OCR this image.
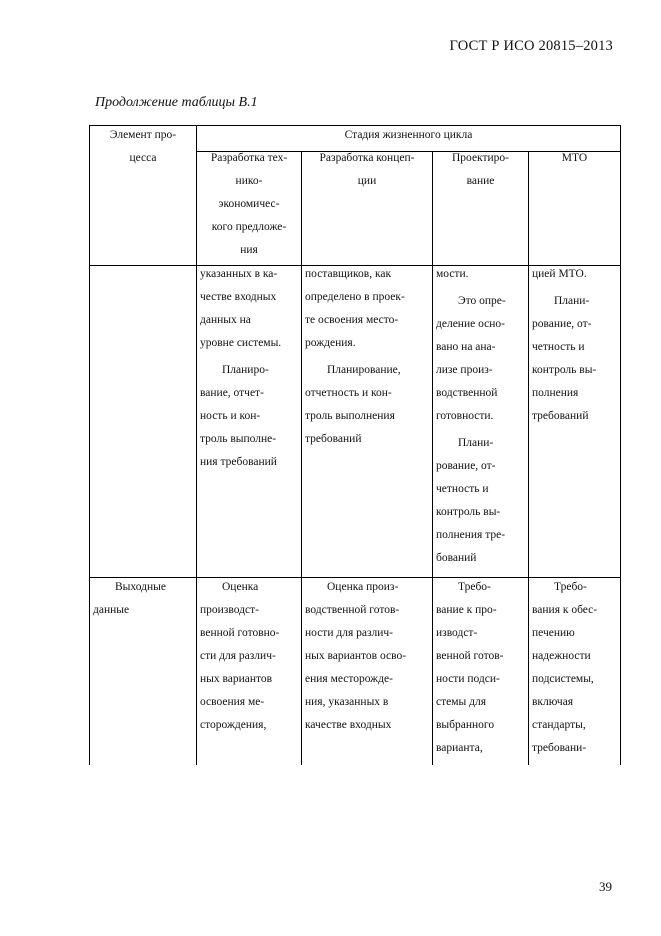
ГОСТ Р ИСО 20815–2013
Продолжение таблицы В.1
Элемент про-
цесса
Стадия жизненного цикла
Разработка тех-
нико-
экономичес-
кого предложе-
ния
Разработка концеп-
ции
Проектиро-
вание
МТО
указанных в ка-
честве входных
данных на
уровне системы.
Планиро-
вание, отчет-
ность и кон-
троль выполне-
ния требований
поставщиков, как
определено в проек-
те освоения место-
рождения.
Планирование,
отчетность и кон-
троль выполнения
требований
мости.
Это опре-
деление осно-
вано на ана-
лизе произ-
водственной
готовности.
Плани-
рование, от-
четность и
контроль вы-
полнения тре-
бований
цией МТО.
Плани-
рование, от-
четность и
контроль вы-
полнения
требований
Выходные
данные
Оценка
производст-
венной готовно-
сти для различ-
ных вариантов
освоения ме-
сторождения,
Оценка произ-
водственной готов-
ности для различ-
ных вариантов осво-
ения месторожде-
ния, указанных в
качестве входных
Требо-
вание к про-
изводст-
венной готов-
ности подси-
стемы для
выбранного
варианта,
Требо-
вания к обес-
печению
надежности
подсистемы,
включая
стандарты,
требовани-
39
